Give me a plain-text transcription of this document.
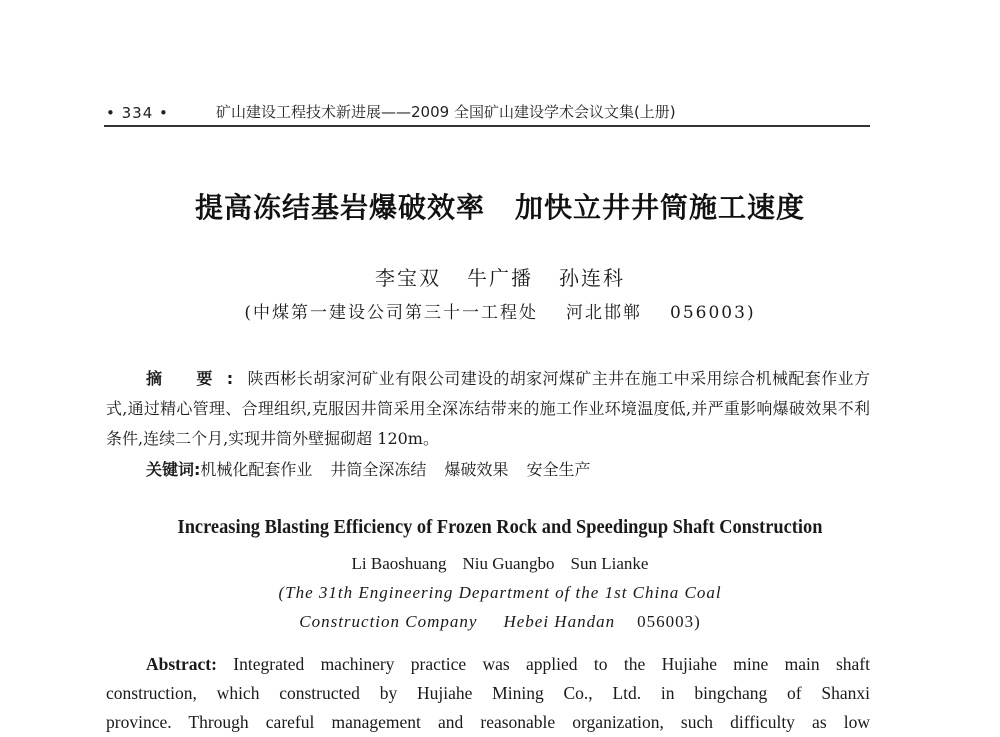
• 334 •	矿山建设工程技术新进展——2009 全国矿山建设学术会议文集(上册)
提高冻结基岩爆破效率 加快立井井筒施工速度
李宝双 牛广播 孙连科
(中煤第一建设公司第三十一工程处 河北邯郸 056003)
摘 要:陕西彬长胡家河矿业有限公司建设的胡家河煤矿主井在施工中采用综合机械配套作业方式,通过精心管理、合理组织,克服因井筒采用全深冻结带来的施工作业环境温度低,并严重影响爆破效果不利条件,连续二个月,实现井筒外壁掘砌超 120m。
关键词:机械化配套作业 井筒全深冻结 爆破效果 安全生产
Increasing Blasting Efficiency of Frozen Rock and Speedingup Shaft Construction
Li Baoshuang Niu Guangbo Sun Lianke
(The 31th Engineering Department of the 1st China Coal
Construction Company Hebei Handan 056003)
Abstract: Integrated machinery practice was applied to the Hujiahe mine main shaft
construction, which constructed by Hujiahe Mining Co., Ltd. in bingchang of Shanxi
province. Through careful management and reasonable organization, such difficulty as low
